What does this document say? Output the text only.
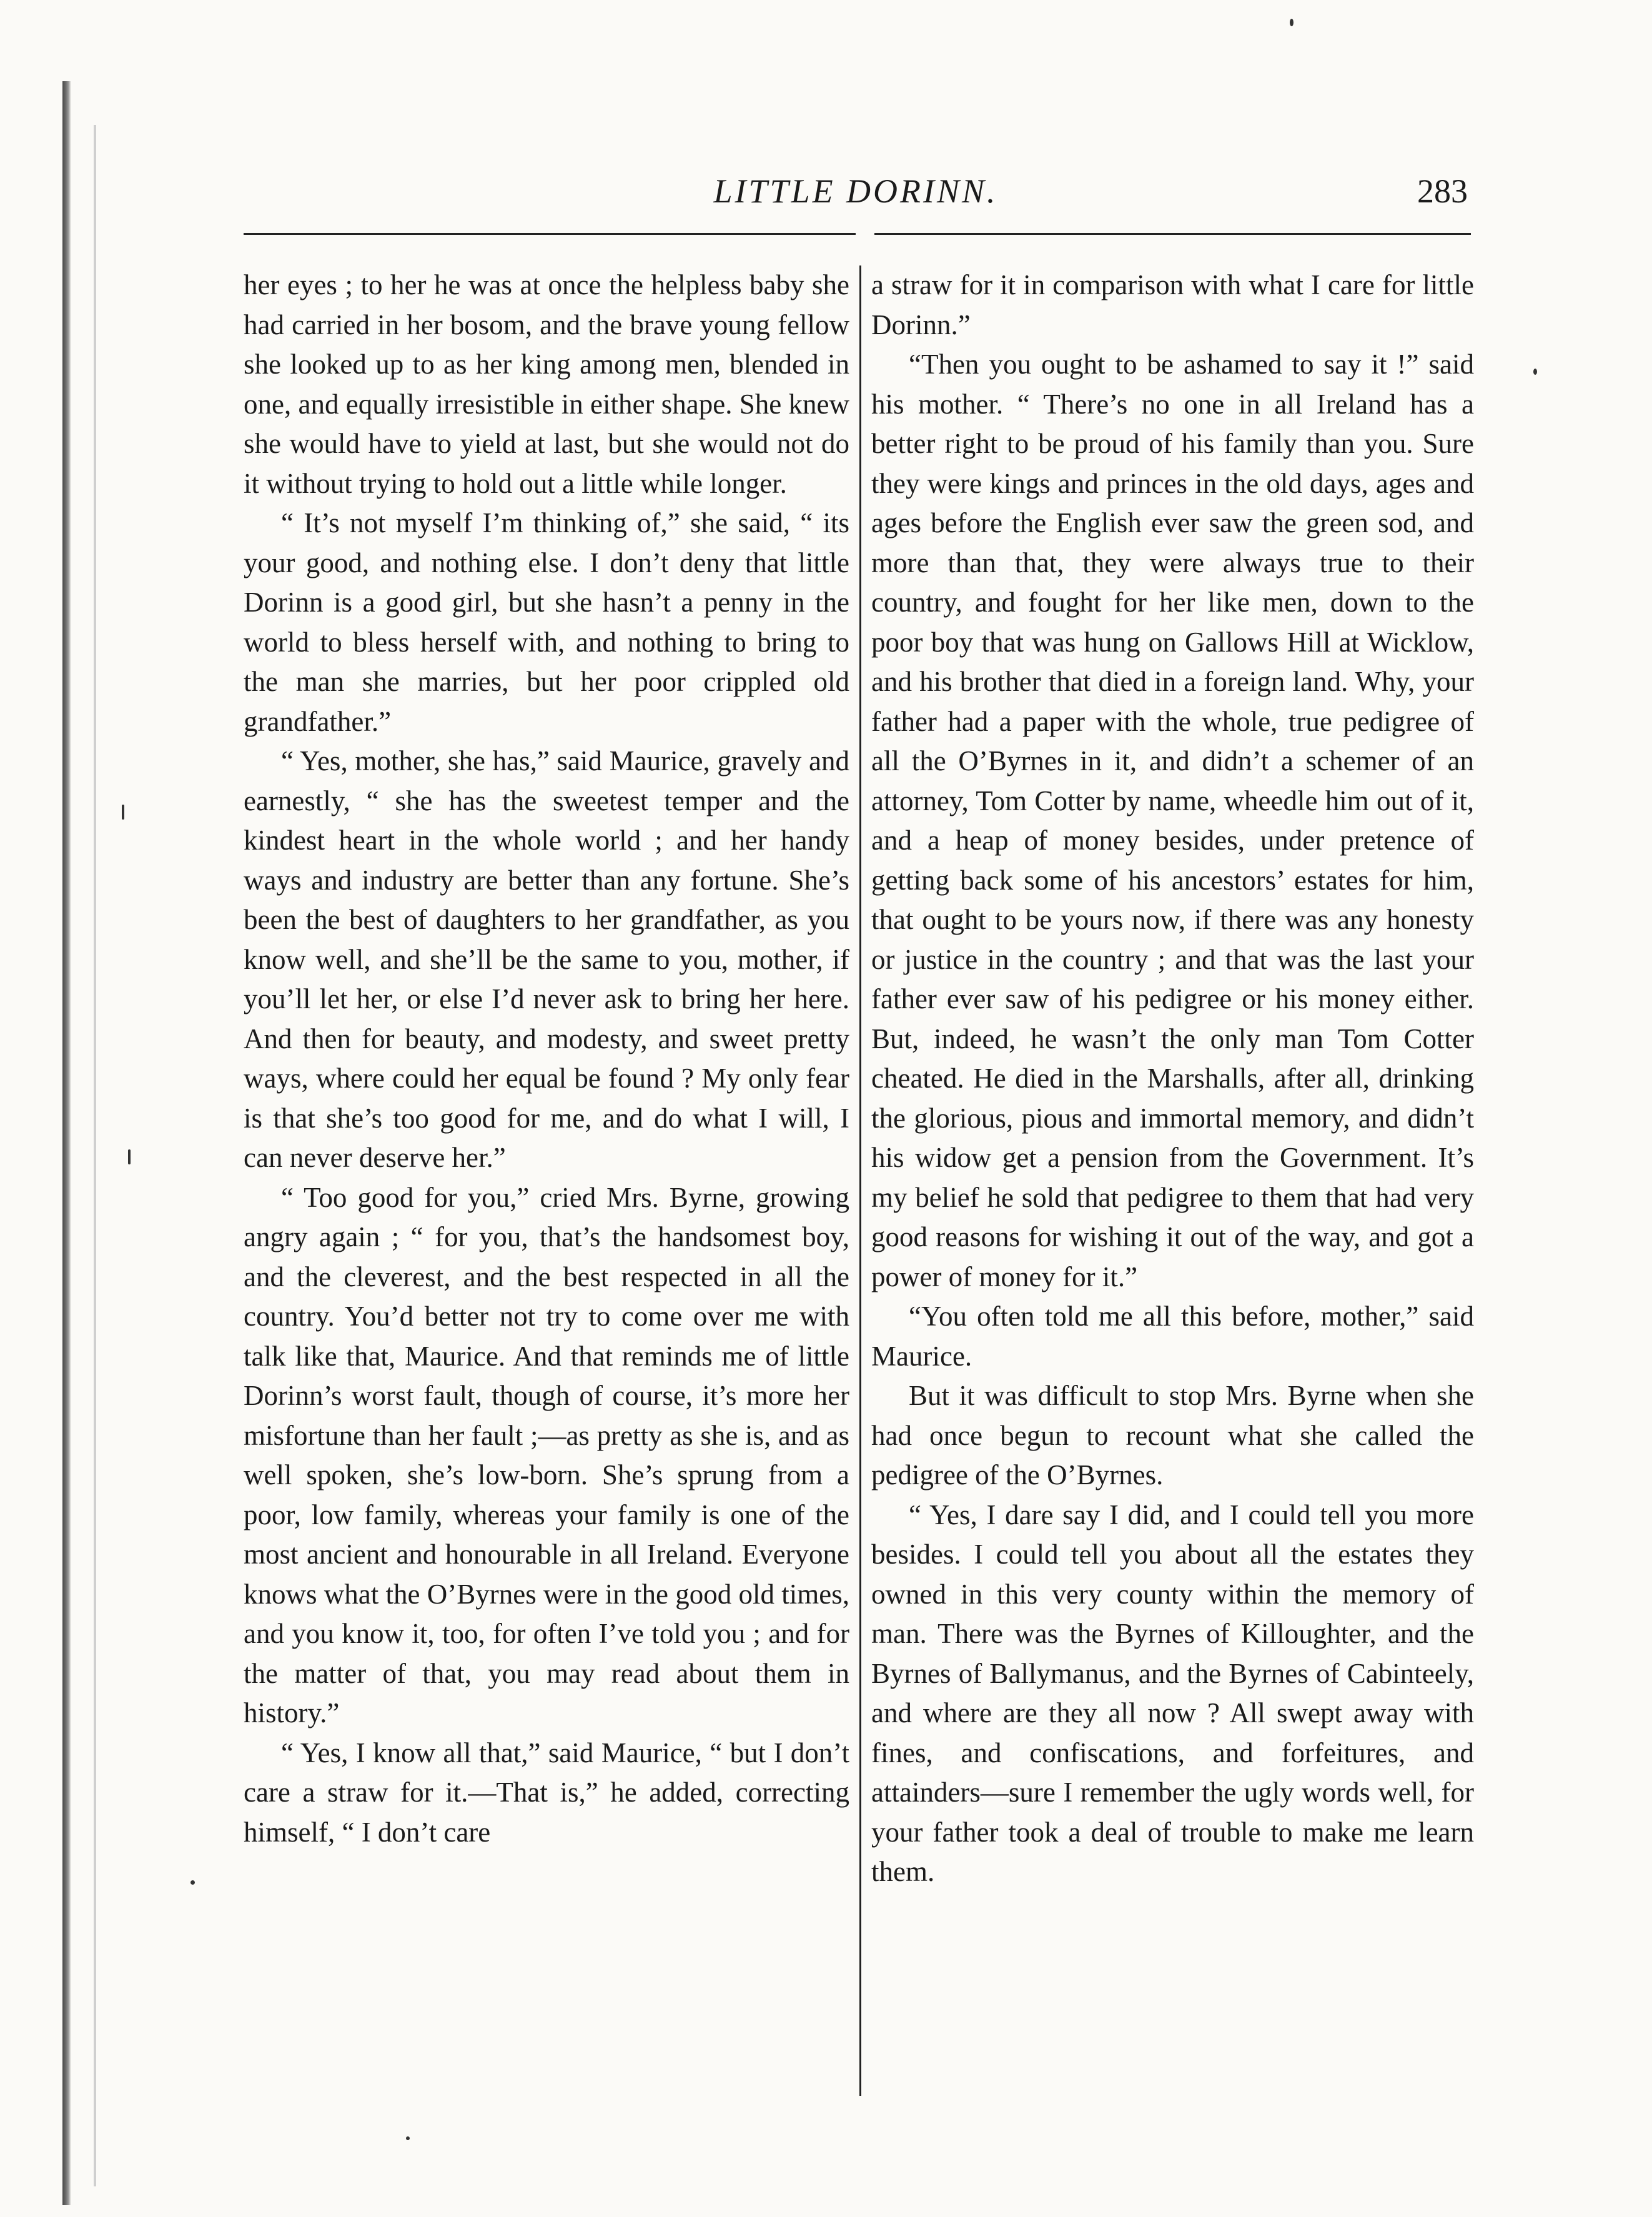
LITTLE DORINN.	283

her eyes ; to her he was at once the helpless baby she had carried in her bosom, and the brave young fellow she looked up to as her king among men, blended in one, and equally irresistible in either shape. She knew she would have to yield at last, but she would not do it without trying to hold out a little while longer.

“ It’s not myself I’m thinking of,” she said, “ its your good, and nothing else. I don’t deny that little Dorinn is a good girl, but she hasn’t a penny in the world to bless herself with, and nothing to bring to the man she marries, but her poor crippled old grandfather.”

“ Yes, mother, she has,” said Maurice, gravely and earnestly, “ she has the sweetest temper and the kindest heart in the whole world ; and her handy ways and industry are better than any fortune. She’s been the best of daughters to her grandfather, as you know well, and she’ll be the same to you, mother, if you’ll let her, or else I’d never ask to bring her here. And then for beauty, and modesty, and sweet pretty ways, where could her equal be found ? My only fear is that she’s too good for me, and do what I will, I can never deserve her.”

“ Too good for you,” cried Mrs. Byrne, growing angry again ; “ for you, that’s the handsomest boy, and the cleverest, and the best respected in all the country. You’d better not try to come over me with talk like that, Maurice. And that reminds me of little Dorinn’s worst fault, though of course, it’s more her misfortune than her fault ;—as pretty as she is, and as well spoken, she’s low-born. She’s sprung from a poor, low family, whereas your family is one of the most ancient and honourable in all Ireland. Everyone knows what the O’Byrnes were in the good old times, and you know it, too, for often I’ve told you ; and for the matter of that, you may read about them in history.”

“ Yes, I know all that,” said Maurice, “ but I don’t care a straw for it.—That is,” he added, correcting himself, “ I don’t care

a straw for it in comparison with what I care for little Dorinn.”

“Then you ought to be ashamed to say it !” said his mother. “ There’s no one in all Ireland has a better right to be proud of his family than you. Sure they were kings and princes in the old days, ages and ages before the English ever saw the green sod, and more than that, they were always true to their country, and fought for her like men, down to the poor boy that was hung on Gallows Hill at Wicklow, and his brother that died in a foreign land. Why, your father had a paper with the whole, true pedigree of all the O’Byrnes in it, and didn’t a schemer of an attorney, Tom Cotter by name, wheedle him out of it, and a heap of money besides, under pretence of getting back some of his ancestors’ estates for him, that ought to be yours now, if there was any honesty or justice in the country ; and that was the last your father ever saw of his pedigree or his money either. But, indeed, he wasn’t the only man Tom Cotter cheated. He died in the Marshalls, after all, drinking the glorious, pious and immortal memory, and didn’t his widow get a pension from the Government. It’s my belief he sold that pedigree to them that had very good reasons for wishing it out of the way, and got a power of money for it.”

“You often told me all this before, mother,” said Maurice.

But it was difficult to stop Mrs. Byrne when she had once begun to recount what she called the pedigree of the O’Byrnes.

“ Yes, I dare say I did, and I could tell you more besides. I could tell you about all the estates they owned in this very county within the memory of man. There was the Byrnes of Killoughter, and the Byrnes of Ballymanus, and the Byrnes of Cabinteely, and where are they all now ? All swept away with fines, and confiscations, and forfeitures, and attainders—sure I remember the ugly words well, for your father took a deal of trouble to make me learn them.
